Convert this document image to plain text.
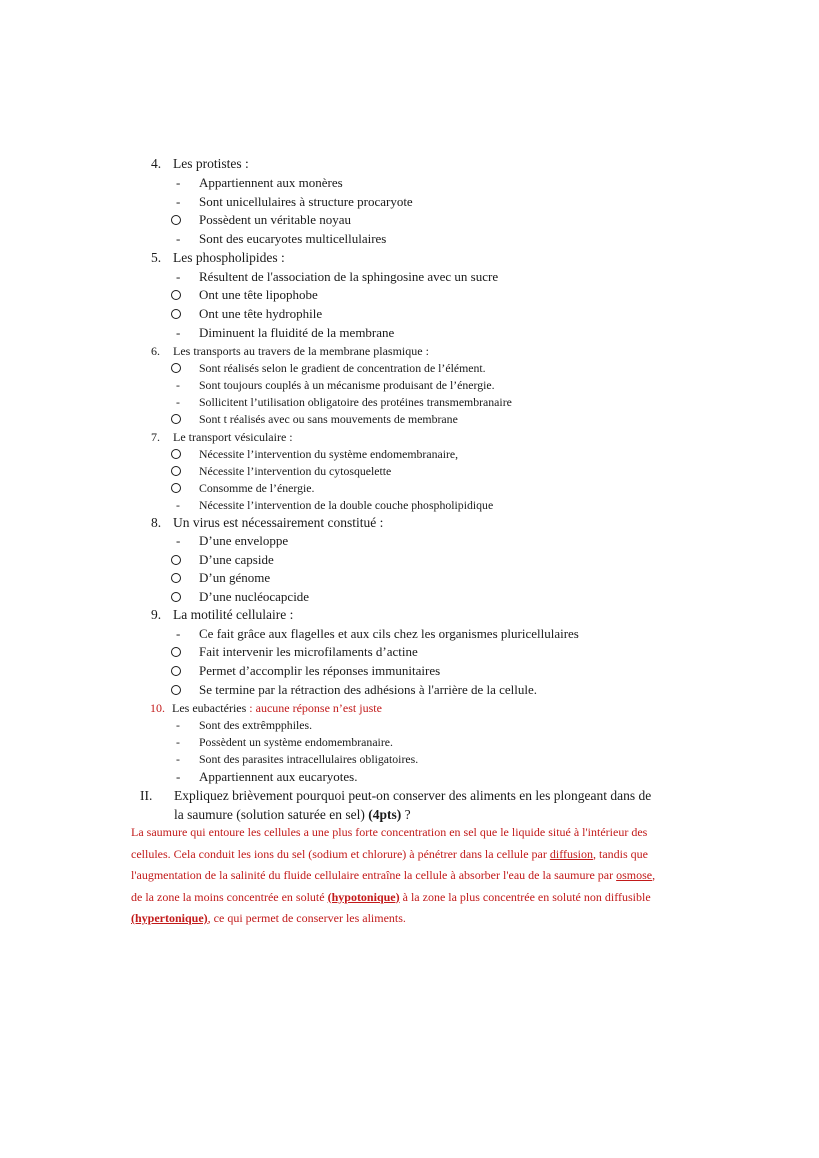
4. Les protistes :
- Appartiennent aux monères
- Sont unicellulaires à structure procaryote
Possèdent un véritable noyau
- Sont des eucaryotes multicellulaires
5. Les phospholipides :
- Résultent de l'association de la sphingosine avec un sucre
Ont une tête lipophobe
Ont une tête hydrophile
- Diminuent la fluidité de la membrane
6. Les transports au travers de la membrane plasmique :
Sont réalisés selon le gradient de concentration de l’élément.
- Sont toujours couplés à un mécanisme produisant de l’énergie.
- Sollicitent l’utilisation obligatoire des protéines transmembranaire
Sont t réalisés avec ou sans mouvements de membrane
7. Le transport vésiculaire :
Nécessite l’intervention du système endomembranaire,
Nécessite l’intervention du cytosquelette
Consomme de l’énergie.
- Nécessite l’intervention de la double couche phospholipidique
8. Un virus est nécessairement constitué :
- D’une enveloppe
D’une capside
D’un génome
D’une nucléocapcide
9. La motilité cellulaire :
- Ce fait grâce aux flagelles et aux cils chez les organismes pluricellulaires
Fait intervenir les microfilaments d’actine
Permet d’accomplir les réponses immunitaires
Se termine par la rétraction des adhésions à l'arrière de la cellule.
10. Les eubactéries : aucune réponse n’est juste
- Sont des extrêmpphiles.
- Possèdent un système endomembranaire.
- Sont des parasites intracellulaires obligatoires.
- Appartiennent aux eucaryotes.
II. Expliquez brièvement pourquoi peut-on conserver des aliments en les plongeant dans de
la saumure (solution saturée en sel) (4pts) ?
La saumure qui entoure les cellules a une plus forte concentration en sel que le liquide situé à l'intérieur des
cellules. Cela conduit les ions du sel (sodium et chlorure) à pénétrer dans la cellule par diffusion, tandis que
l'augmentation de la salinité du fluide cellulaire entraîne la cellule à absorber l'eau de la saumure par osmose,
de la zone la moins concentrée en soluté (hypotonique) à la zone la plus concentrée en soluté non diffusible
(hypertonique), ce qui permet de conserver les aliments.
